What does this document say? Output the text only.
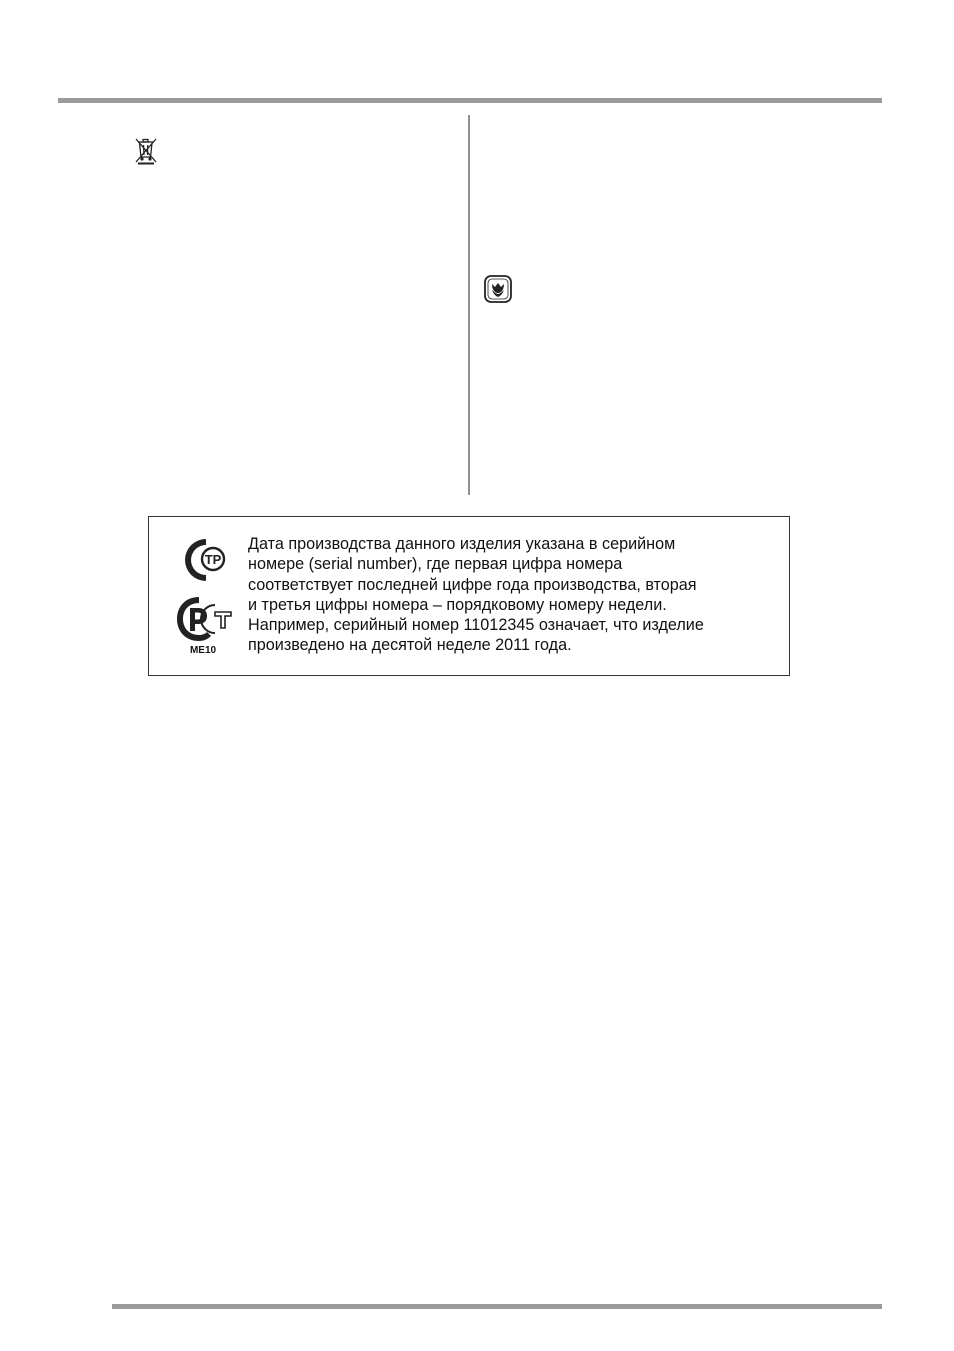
ТР
ME10
Дата производства данного изделия указана в серийном
номере (serial number), где первая цифра номера
соответствует последней цифре года производства, вторая
и третья цифры номера – порядковому номеру недели.
Например, серийный номер 11012345 означает, что изделие
произведено на десятой неделе 2011 года.
